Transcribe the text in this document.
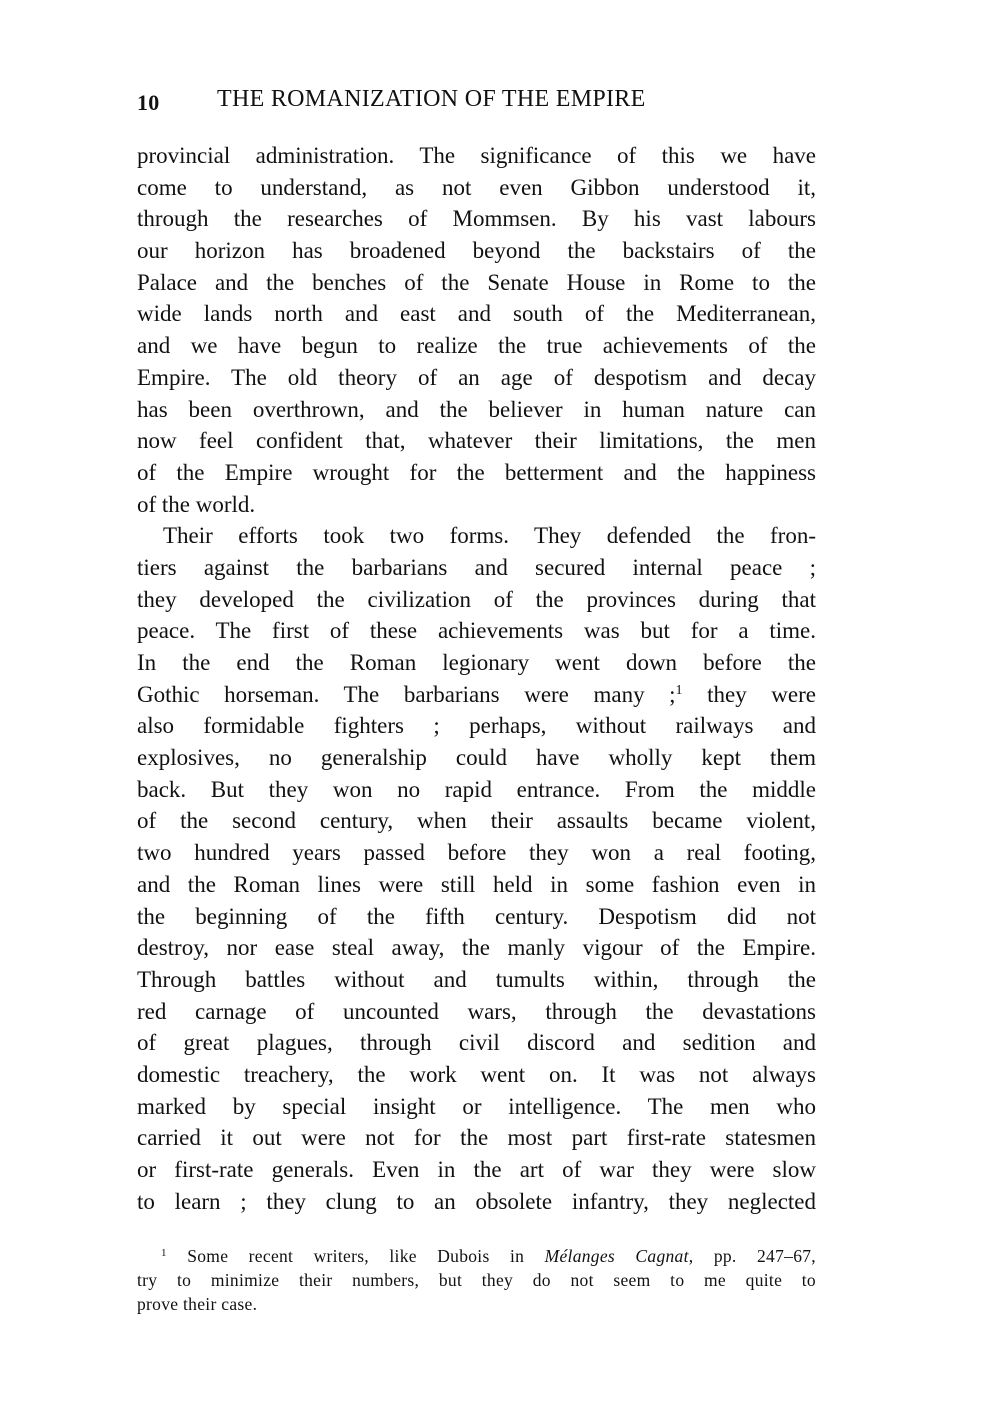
10 THE ROMANIZATION OF THE EMPIRE
provincial administration. The significance of this we have
come to understand, as not even Gibbon understood it,
through the researches of Mommsen. By his vast labours
our horizon has broadened beyond the backstairs of the
Palace and the benches of the Senate House in Rome to the
wide lands north and east and south of the Mediterranean,
and we have begun to realize the true achievements of the
Empire. The old theory of an age of despotism and decay
has been overthrown, and the believer in human nature can
now feel confident that, whatever their limitations, the men
of the Empire wrought for the betterment and the happiness
of the world.
Their efforts took two forms. They defended the fron-
tiers against the barbarians and secured internal peace ;
they developed the civilization of the provinces during that
peace. The first of these achievements was but for a time.
In the end the Roman legionary went down before the
Gothic horseman. The barbarians were many ;$^1$ they were
also formidable fighters ; perhaps, without railways and
explosives, no generalship could have wholly kept them
back. But they won no rapid entrance. From the middle
of the second century, when their assaults became violent,
two hundred years passed before they won a real footing,
and the Roman lines were still held in some fashion even in
the beginning of the fifth century. Despotism did not
destroy, nor ease steal away, the manly vigour of the Empire.
Through battles without and tumults within, through the
red carnage of uncounted wars, through the devastations
of great plagues, through civil discord and sedition and
domestic treachery, the work went on. It was not always
marked by special insight or intelligence. The men who
carried it out were not for the most part first-rate statesmen
or first-rate generals. Even in the art of war they were slow
to learn ; they clung to an obsolete infantry, they neglected
$^1$ Some recent writers, like Dubois in Mélanges Cagnat, pp. 247–67,
try to minimize their numbers, but they do not seem to me quite to
prove their case.
